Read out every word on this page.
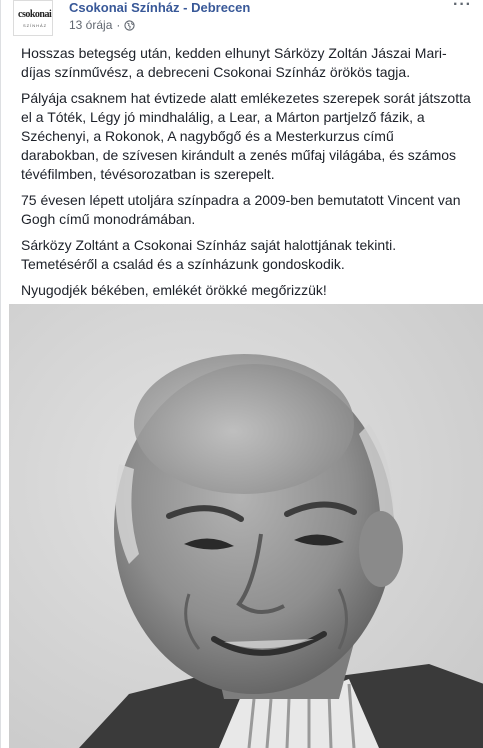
csokonai
SZÍNHÁZ
Csokonai Színház - Debrecen
13 órája ·
···

Hosszas betegség után, kedden elhunyt Sárközy Zoltán Jászai Mari-díjas színművész, a debreceni Csokonai Színház örökös tagja.

Pályája csaknem hat évtizede alatt emlékezetes szerepek sorát játszotta el a Tóték, Légy jó mindhalálig, a Lear, a Márton partjelző fázik, a Széchenyi, a Rokonok, A nagybőgő és a Mesterkurzus című darabokban, de szívesen kirándult a zenés műfaj világába, és számos tévéfilmben, tévésorozatban is szerepelt.

75 évesen lépett utoljára színpadra a 2009-ben bemutatott Vincent van Gogh című monodrámában.

Sárközy Zoltánt a Csokonai Színház saját halottjának tekinti. Temetéséről a család és a színházunk gondoskodik.

Nyugodjék békében, emlékét örökké megőrizzük!
